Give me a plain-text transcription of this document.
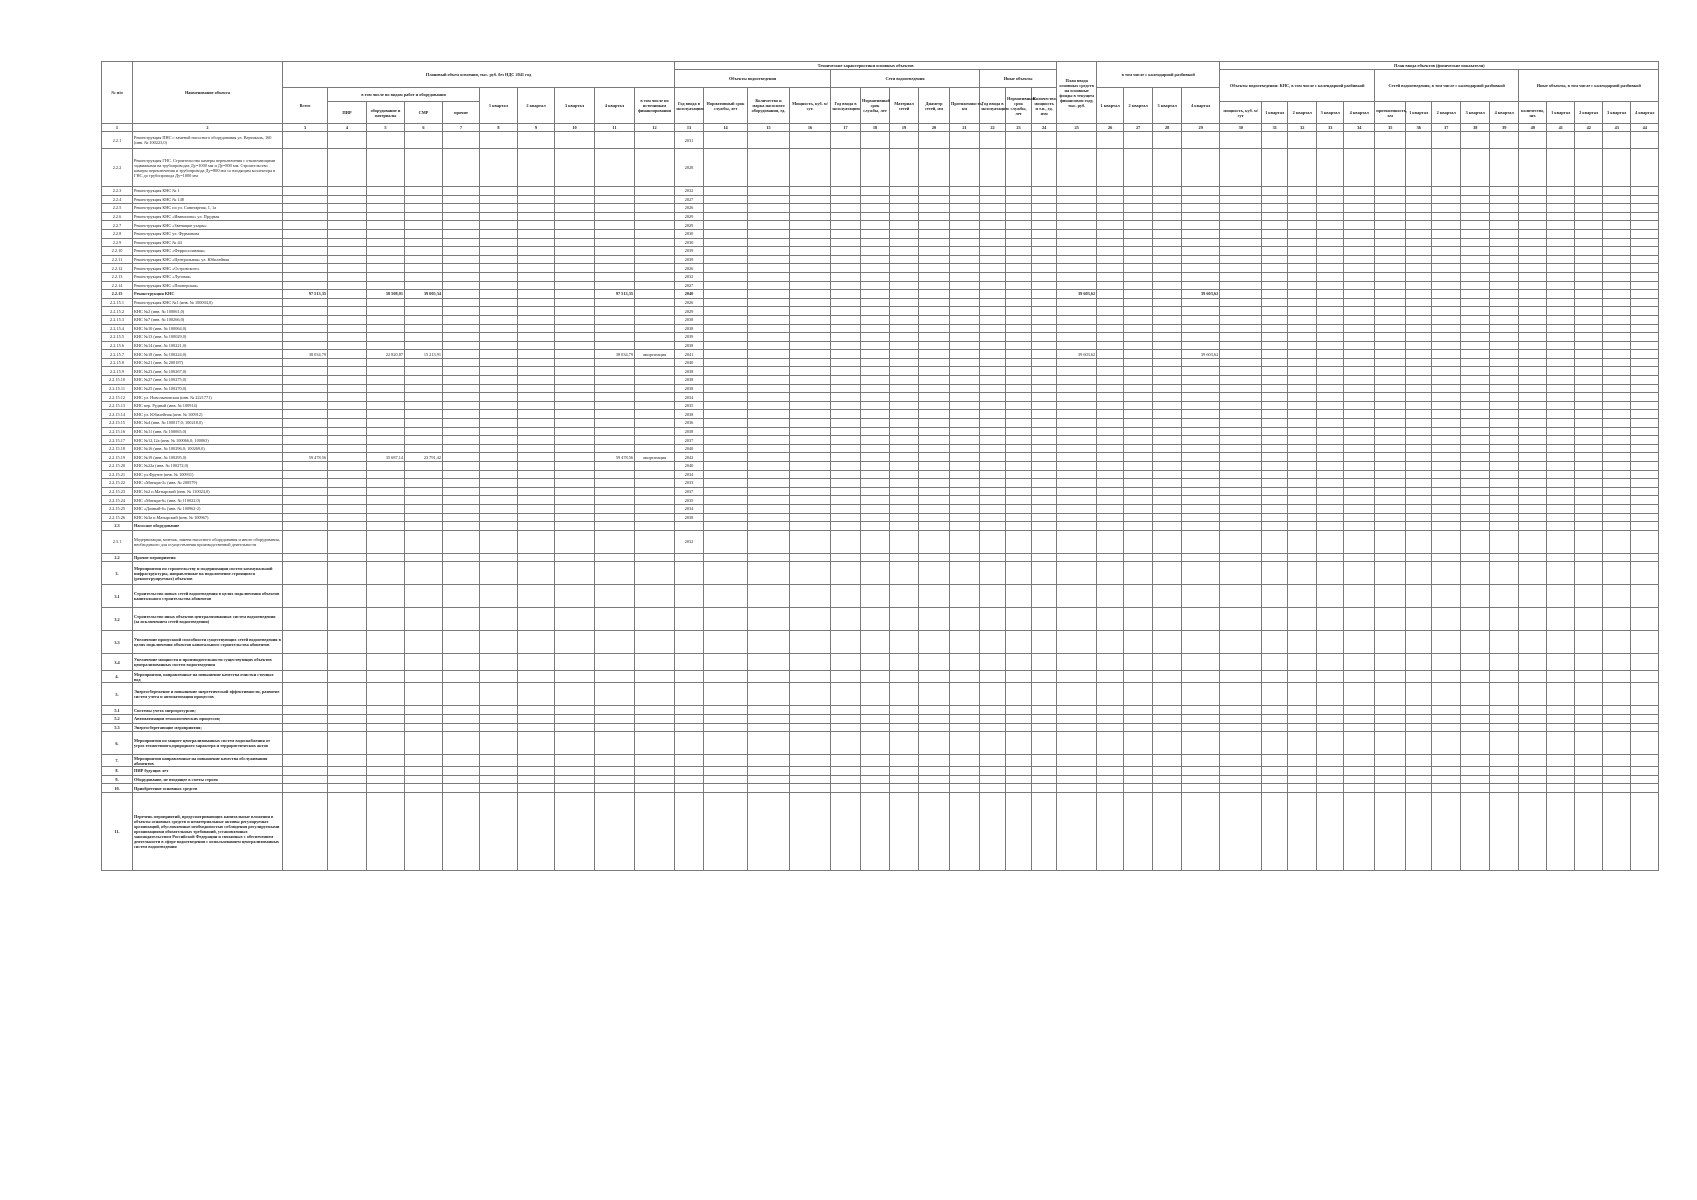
№ п/п	Наименование объекта	Плановый объем освоения, тыс. руб. без НДС 2041 год										Технические характеристики основных объектов												План ввода основных средств на основные фонды в текущем финансовом году, тыс. руб.	в том числе с календарной разбивкой				План ввода объектов (физические показатели)														
												Объекты водоотведения				Сети водоотведения					Иные объекты								Объекты водоотведения: КНС, в том числе с календарной разбивкой					Сетей водоотведения, в том числе с календарной разбивкой					Иные объекты, в том числе с календарной разбивкой				
		Всего	в том числе по видам работ и оборудования				1 квартал	2 квартал	3 квартал	4 квартал	в том числе по источникам финансирования	Год ввода в эксплуатацию	Нормативный срок службы, лет	Количество и марка насосного оборудования, ед.	Мощность, куб. м/сут.	Год ввода в эксплуатацию	Нормативный срок службы, лет	Материал сетей	Диаметр сетей, мм	Протяженность, км	Год ввода в эксплуатацию	Нормативный срок службы, лет	Количество, мощность и т.п., ед. изм		1 квартал	2 квартал	3 квартал	4 квартал															
			ПИР	оборудование и материалы	СМР	прочие																							мощность, куб. м/сут	1 квартал	2 квартал	3 квартал	4 квартал	протяженность, км	1 квартал	2 квартал	3 квартал	4 квартал	количество, шт.	1 квартал	2 квартал	3 квартал	4 квартал
1	2	3	4	5	6	7	8	9	10	11	12	13	14	15	16	17	18	19	20	21	22	23	24	25	26	27	28	29	30	31	32	33	34	35	36	37	38	39	40	41	42	43	44
2.2.1	Реконструкция ПНС с заменой насосного оборудования ул. Вертикаль, 160 (инв. № 100223,0)											2031																															
2.2.2	Реконструкция ГНС. Строительство камеры переключения с отключающими задвижками на трубопроводах Ду=1000 мм и Ду=800 мм. Строительство камеры переключения и трубопровода Ду=800 мм со входящим коллектора в ГНС до трубопровода Ду=1000 мм											2028																															
2.2.3	Реконструкция КНС № 1											2032																															
2.2.4	Реконструкция КНС № 148											2027																															
2.2.5	Реконструкция КНС по ул. Санитарная, 1, 1а											2026																															
2.2.6	Реконструкция КНС «Ивавилово» ул. Прудная											2029																															
2.2.7	Реконструкция КНС «Звенящие ухары»											2029																															
2.2.8	Реконструкция КНС ул. Фурманова											2030																															
2.2.9	Реконструкция КНС № 44											2030																															
2.2.10	Реконструкция КНС «Ферросплавная»											2039																															
2.2.11	Реконструкция КНС «Центральная» ул. Юбилейная											2039																															
2.2.12	Реконструкция КНС «Островского»											2026																															
2.2.13	Реконструкция КНС «Луговая»											2032																															
2.2.14	Реконструкция КНС «Пионерская»											2027																															
2.2.15	Реконструкция КНС	97 513,35		58 508,01	39 005,34					97 513,35		2040												39 603,62				39 603,62															
2.2.15.1	Реконструкция КНС №1 (инв. № 100004,0)											2026																															
2.2.15.2	КНС №2 (инв. № 100061,0)											2029																															
2.2.15.3	КНС №7 (инв. № 100266,0)											2038																															
2.2.15.4	КНС №10 (инв. № 100064,0)											2038																															
2.2.15.5	КНС №13 (инв. № 100029,0)											2039																															
2.2.15.6	КНС №14 (инв. № 100221,0)											2038																															
2.2.15.7	КНС №18 (инв. № 100224,0)	38 034,79		22 820,87	15 213,91					38 034,79	амортизация	2041												39 603,62				39 603,62															
2.2.15.8	КНС №21 (инв. № 200187)											2040																															
2.2.15.9	КНС №23 (инв. № 100267,0)											2038																															
2.2.15.10	КНС №27 (инв. № 100275,0)											2038																															
2.2.15.11	КНС №25 (инв. № 100270,0)											2038																															
2.2.15.12	КНС ул. Новолыновская (инв. № 2221771)											2034																															
2.2.15.13	КНС пер. Рудный (инв. № 100914)											2035																															
2.2.15.14	КНС ул. Юбилейная (инв. № 100912)											2038																															
2.2.15.15	КНС №4 (инв. № 100017,0; 100218,0)											2036																															
2.2.15.16	КНС №11 (инв. № 100065,0)											2038																															
2.2.15.17	КНС №12,12а (инв. № 100066,0; 100063)											2037																															
2.2.15.18	КНС №16 (инв. № 100296,0; 100269,0)											2040																															
2.2.15.19	КНС №19 (инв. № 100295,0)	59 478,56		35 687,14	23 791,42					59 478,56	амортизация	2042																															
2.2.15.20	КНС №22а (инв. № 100272,0)											2040																															
2.2.15.21	КНС ул.Фрунзе (инв. № 100931)											2034																															
2.2.15.22	КНС «Матыра-3» (инв. № 200579)											2033																															
2.2.15.23	КНС №2 п.Матырский (инв. № 110024,0)											2037																															
2.2.15.24	КНС «Матыра-6» (инв. № 110022,0)											2035																															
2.2.15.25	КНС «Дачный-6» (инв. № 100962-2)											2034																															
2.2.15.26	КНС №3а п.Матырский (инв. № 100967)											2038																															
2.3	Насосное оборудование																																										
2.3.1	Модернизация, монтаж, замена насосного оборудования и иного оборудования, необходимого для осуществления производственной деятельности											2032																															
2.2	Прочие мероприятия																																										
3.	Мероприятия по строительству и модернизации систем коммунальной инфраструктуры, направленные на подключение строящихся (реконструируемых) объектов																																										
3.1	Строительство новых сетей водоотведения в целях подключения объектов капитального строительства абонентов																																										
3.2	Строительство иных объектов централизованных систем водоотведения (за исключением сетей водоотведения)																																										
3.3	Увеличение пропускной способности существующих сетей водоотведения в целях подключения объектов капитального строительства абонентов																																										
3.4	Увеличение мощности и производительности существующих объектов централизованных систем водоотведения																																										
4.	Мероприятия, направленные на повышение качества очистки сточных вод																																										
5.	Энергосбережение и повышение энергетической эффективности, развитие систем учета и автоматизации процессов																																										
5.1	Системы учета энергоресурсов;																																										
5.2	Автоматизация технологических процессов;																																										
5.3	Энергосберегающие мероприятия;																																										
6.	Мероприятия по защите централизованных систем водоснабжения от угроз техногенного,природного характера и террористических актов																																										
7.	Мероприятия направленные на повышение качества обслуживания абонентов																																										
8.	ПИР будущих лет																																										
9.	Оборудование, не входящее в сметы строек																																										
10.	Приобретение основных средств																																										
11.	Перечень мероприятий, предусматривающих капитальные вложения в объекты основных средств и нематериальные активы регулируемых организаций, обусловленные необходимостью соблюдения регулируемыми организациями обязательных требований, установленных законодательством Российской Федерации и связанных с обеспечением деятельности в сфере водоотведения с использованием централизованных систем водоотведения																																										
